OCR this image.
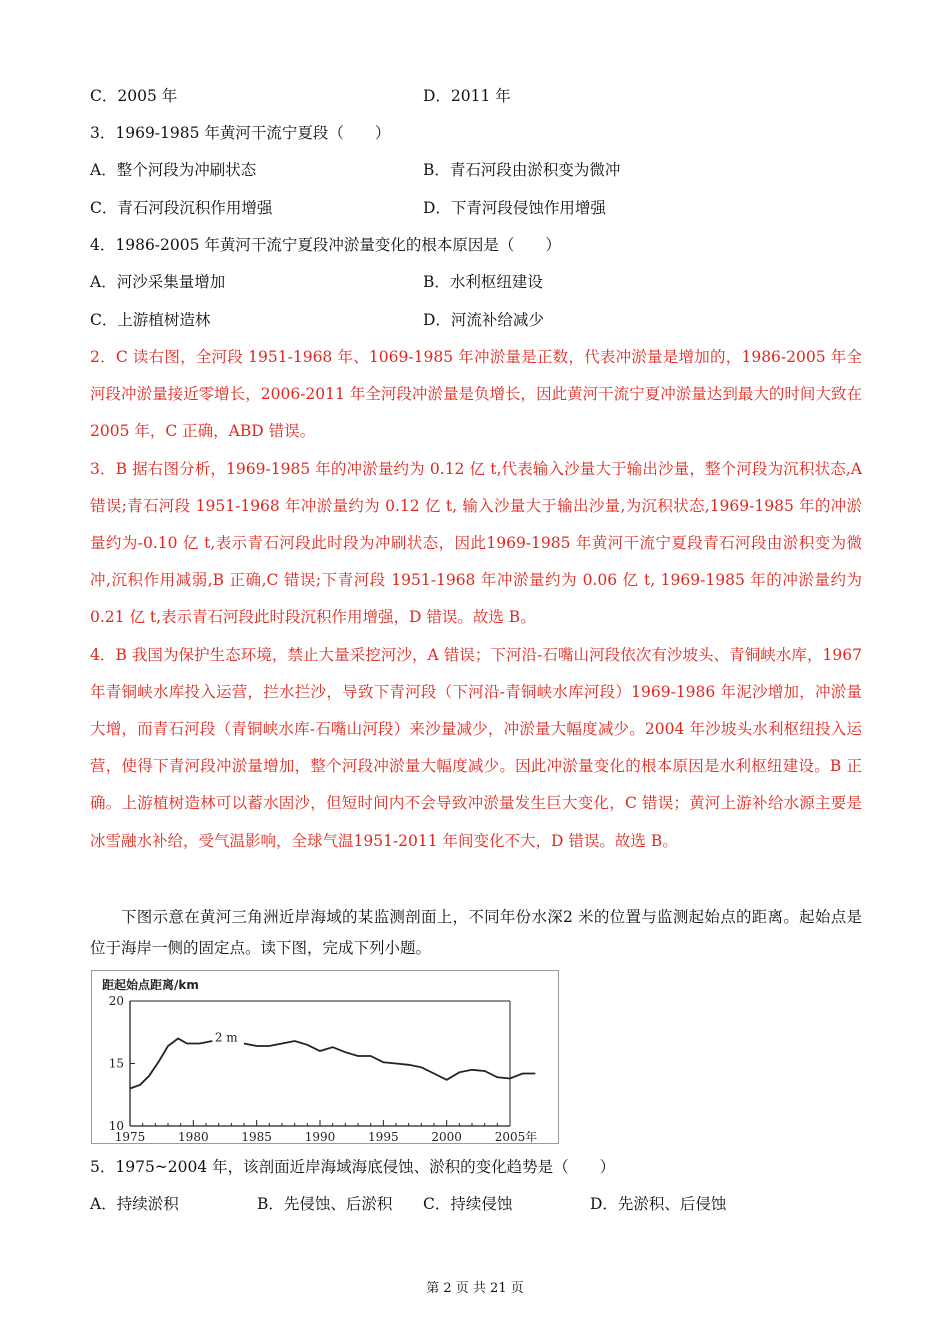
C．2005 年	D．2011 年
3．1969-1985 年黄河干流宁夏段（　　）
A．整个河段为冲刷状态	B．青石河段由淤积变为微冲
C．青石河段沉积作用增强	D．下青河段侵蚀作用增强
4．1986-2005 年黄河干流宁夏段冲淤量变化的根本原因是（　　）
A．河沙采集量增加	B．水利枢纽建设
C．上游植树造林	D．河流补给减少

2．C 读右图，全河段 1951-1968 年、1069-1985 年冲淤量是正数，代表冲淤量是增加的，1986-2005 年全河段冲淤量接近零增长，2006-2011 年全河段冲淤量是负增长，因此黄河干流宁夏冲淤量达到最大的时间大致在 2005 年，C 正确，ABD 错误。

3．B 据右图分析，1969-1985 年的冲淤量约为 0.12 亿 t,代表输入沙量大于输出沙量，整个河段为沉积状态,A 错误;青石河段 1951-1968 年冲淤量约为 0.12 亿 t, 输入沙量大于输出沙量,为沉积状态,1969-1985 年的冲淤量约为-0.10 亿 t,表示青石河段此时段为冲刷状态，因此1969-1985 年黄河干流宁夏段青石河段由淤积变为微冲,沉积作用减弱,B 正确,C 错误;下青河段 1951-1968 年冲淤量约为 0.06 亿 t, 1969-1985 年的冲淤量约为 0.21 亿 t,表示青石河段此时段沉积作用增强，D 错误。故选 B。

4．B 我国为保护生态环境，禁止大量采挖河沙，A 错误；下河沿-石嘴山河段依次有沙坡头、青铜峡水库，1967 年青铜峡水库投入运营，拦水拦沙，导致下青河段（下河沿-青铜峡水库河段）1969-1986 年泥沙增加，冲淤量大增，而青石河段（青铜峡水库-石嘴山河段）来沙量减少，冲淤量大幅度减少。2004 年沙坡头水利枢纽投入运营，使得下青河段冲淤量增加，整个河段冲淤量大幅度减少。因此冲淤量变化的根本原因是水利枢纽建设。B 正确。上游植树造林可以蓄水固沙，但短时间内不会导致冲淤量发生巨大变化，C 错误；黄河上游补给水源主要是冰雪融水补给，受气温影响，全球气温1951-2011 年间变化不大，D 错误。故选 B。

下图示意在黄河三角洲近岸海域的某监测剖面上，不同年份水深2 米的位置与监测起始点的距离。起始点是位于海岸一侧的固定点。读下图，完成下列小题。

距起始点距离/km
20
15
10
1975	1980	1985	1990	1995	2000	2005年
2 m
5．1975~2004 年，该剖面近岸海域海底侵蚀、淤积的变化趋势是（　　）
A．持续淤积	B．先侵蚀、后淤积 C．持续侵蚀	D．先淤积、后侵蚀
第 2 页 共 21 页
